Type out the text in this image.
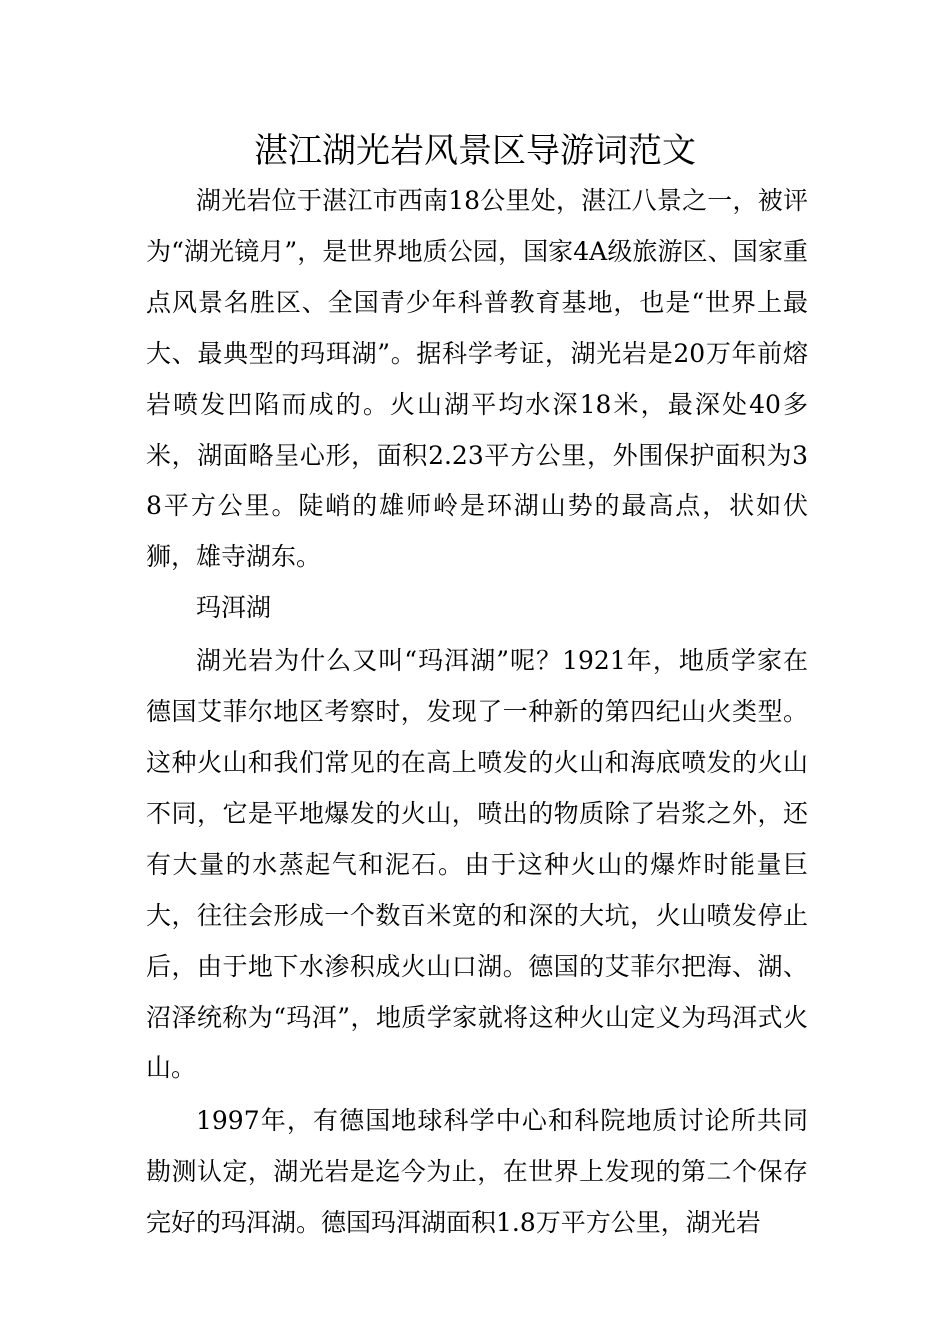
湛江湖光岩风景区导游词范文

湖光岩位于湛江市西南18公里处，湛江八景之一，被评为“湖光镜月”，是世界地质公园，国家4A级旅游区、国家重点风景名胜区、全国青少年科普教育基地，也是“世界上最大、最典型的玛珥湖”。据科学考证，湖光岩是20万年前熔岩喷发凹陷而成的。火山湖平均水深18米，最深处40多米，湖面略呈心形，面积2.23平方公里，外围保护面积为38平方公里。陡峭的雄师岭是环湖山势的最高点，状如伏狮，雄寺湖东。

玛洱湖

湖光岩为什么又叫“玛洱湖”呢？1921年，地质学家在德国艾菲尔地区考察时，发现了一种新的第四纪山火类型。这种火山和我们常见的在高上喷发的火山和海底喷发的火山不同，它是平地爆发的火山，喷出的物质除了岩浆之外，还有大量的水蒸起气和泥石。由于这种火山的爆炸时能量巨大，往往会形成一个数百米宽的和深的大坑，火山喷发停止后，由于地下水渗积成火山口湖。德国的艾菲尔把海、湖、沼泽统称为“玛洱”，地质学家就将这种火山定义为玛洱式火山。

1997年，有德国地球科学中心和科院地质讨论所共同勘测认定，湖光岩是迄今为止，在世界上发现的第二个保存完好的玛洱湖。德国玛洱湖面积1.8万平方公里，湖光岩
